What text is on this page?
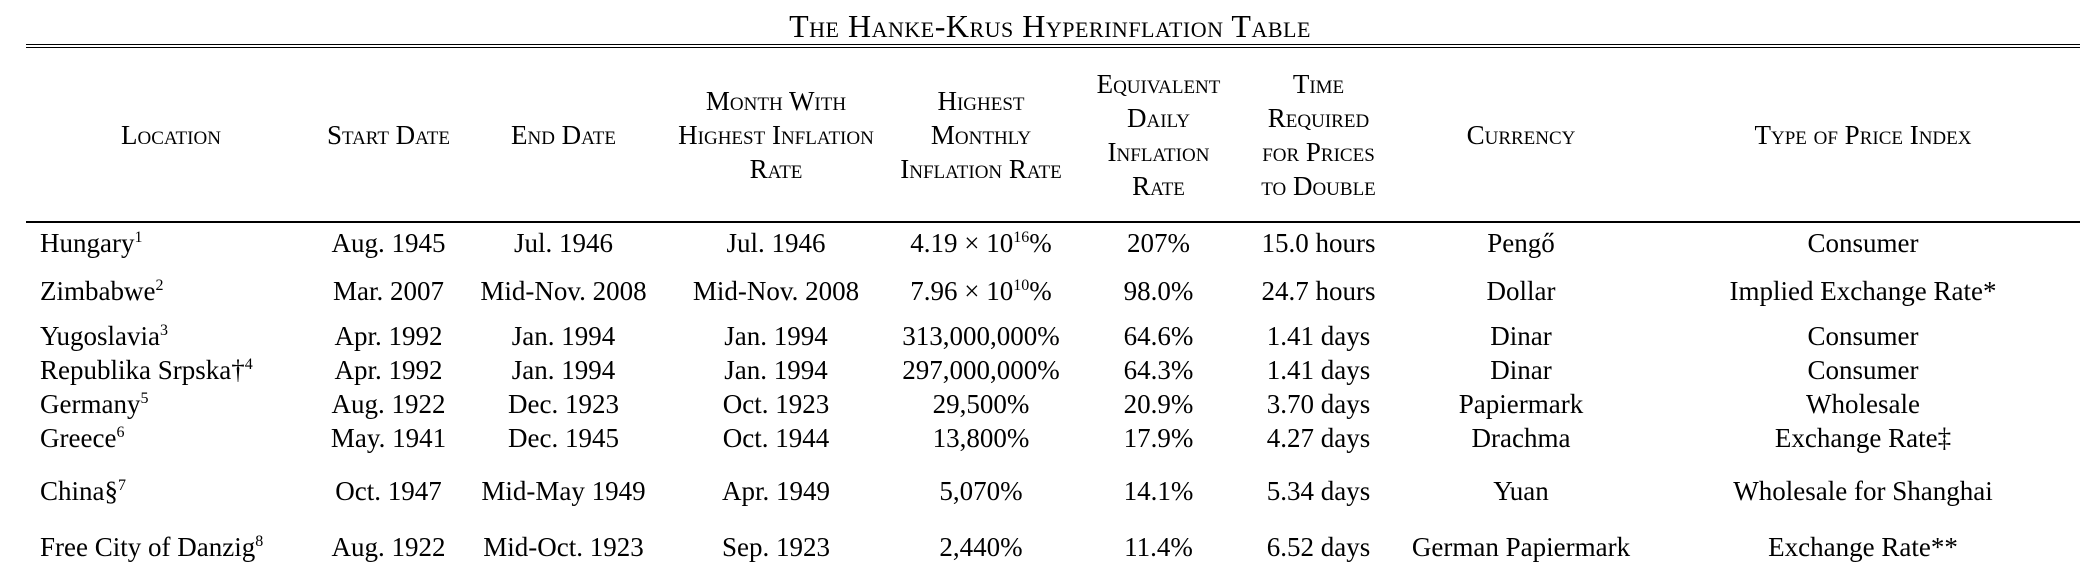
The Hanke-Krus Hyperinflation Table
Location	Start Date	End Date	Month With Highest Inflation Rate	Highest Monthly Inflation Rate	Equivalent Daily Inflation Rate	Time Required for Prices to Double	Currency	Type of Price Index
Hungary$^1$	Aug. 1945	Jul. 1946	Jul. 1946	$4.19 \times 10^{16}\%$	207%	15.0 hours	Pengő	Consumer
Zimbabwe$^2$	Mar. 2007	Mid-Nov. 2008	Mid-Nov. 2008	$7.96 \times 10^{10}\%$	98.0%	24.7 hours	Dollar	Implied Exchange Rate*
Yugoslavia$^3$	Apr. 1992	Jan. 1994	Jan. 1994	313,000,000%	64.6%	1.41 days	Dinar	Consumer
Republika Srpska†$^4$	Apr. 1992	Jan. 1994	Jan. 1994	297,000,000%	64.3%	1.41 days	Dinar	Consumer
Germany$^5$	Aug. 1922	Dec. 1923	Oct. 1923	29,500%	20.9%	3.70 days	Papiermark	Wholesale
Greece$^6$	May. 1941	Dec. 1945	Oct. 1944	13,800%	17.9%	4.27 days	Drachma	Exchange Rate‡
China§$^7$	Oct. 1947	Mid-May 1949	Apr. 1949	5,070%	14.1%	5.34 days	Yuan	Wholesale for Shanghai
Free City of Danzig$^8$	Aug. 1922	Mid-Oct. 1923	Sep. 1923	2,440%	11.4%	6.52 days	German Papiermark	Exchange Rate**
